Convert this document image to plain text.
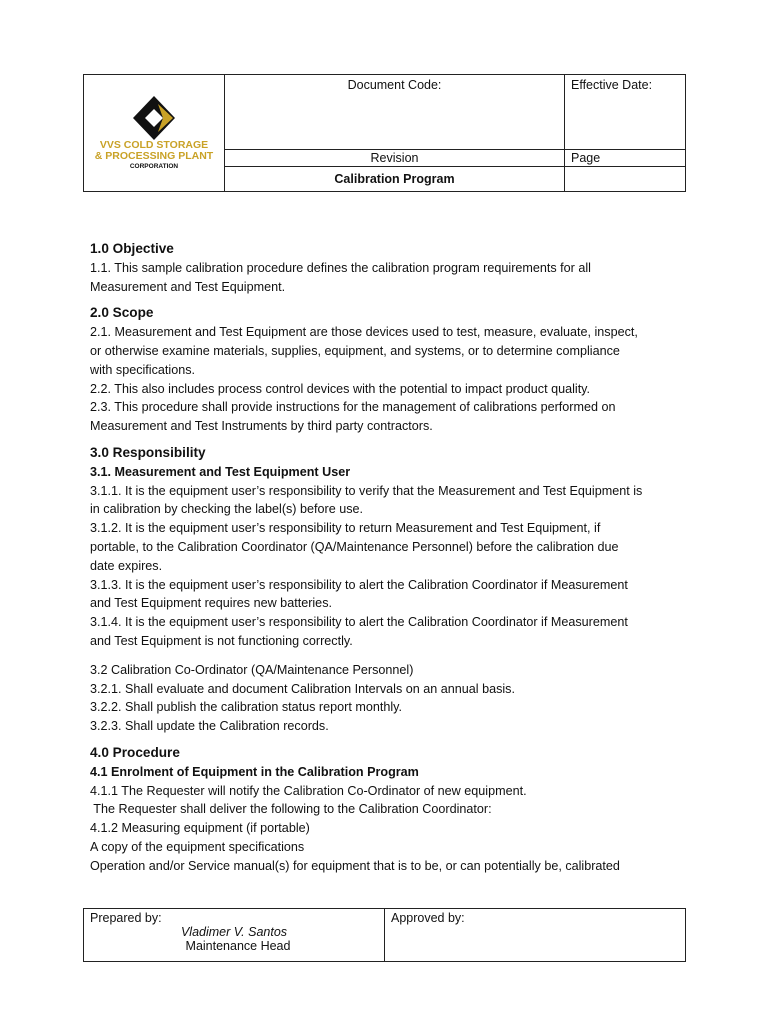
VVS COLD STORAGE
& PROCESSING PLANT
CORPORATION	Document Code:	Effective Date:
	Revision	Page
	Calibration Program	

1.0 Objective

1.1. This sample calibration procedure defines the calibration program requirements for all

Measurement and Test Equipment.

2.0 Scope

2.1. Measurement and Test Equipment are those devices used to test, measure, evaluate, inspect,

or otherwise examine materials, supplies, equipment, and systems, or to determine compliance

with specifications.

2.2. This also includes process control devices with the potential to impact product quality.

2.3. This procedure shall provide instructions for the management of calibrations performed on

Measurement and Test Instruments by third party contractors.

3.0 Responsibility

3.1. Measurement and Test Equipment User

3.1.1. It is the equipment user’s responsibility to verify that the Measurement and Test Equipment is

in calibration by checking the label(s) before use.

3.1.2. It is the equipment user’s responsibility to return Measurement and Test Equipment, if

portable, to the Calibration Coordinator (QA/Maintenance Personnel) before the calibration due

date expires.

3.1.3. It is the equipment user’s responsibility to alert the Calibration Coordinator if Measurement

and Test Equipment requires new batteries.

3.1.4. It is the equipment user’s responsibility to alert the Calibration Coordinator if Measurement

and Test Equipment is not functioning correctly.

3.2 Calibration Co-Ordinator (QA/Maintenance Personnel)

3.2.1. Shall evaluate and document Calibration Intervals on an annual basis.

3.2.2. Shall publish the calibration status report monthly.

3.2.3. Shall update the Calibration records.

4.0 Procedure

4.1 Enrolment of Equipment in the Calibration Program

4.1.1 The Requester will notify the Calibration Co-Ordinator of new equipment.

The Requester shall deliver the following to the Calibration Coordinator:

4.1.2 Measuring equipment (if portable)

A copy of the equipment specifications

Operation and/or Service manual(s) for equipment that is to be, or can potentially be, calibrated

Prepared by:
Vladimer V. Santos
Maintenance Head

Approved by:
